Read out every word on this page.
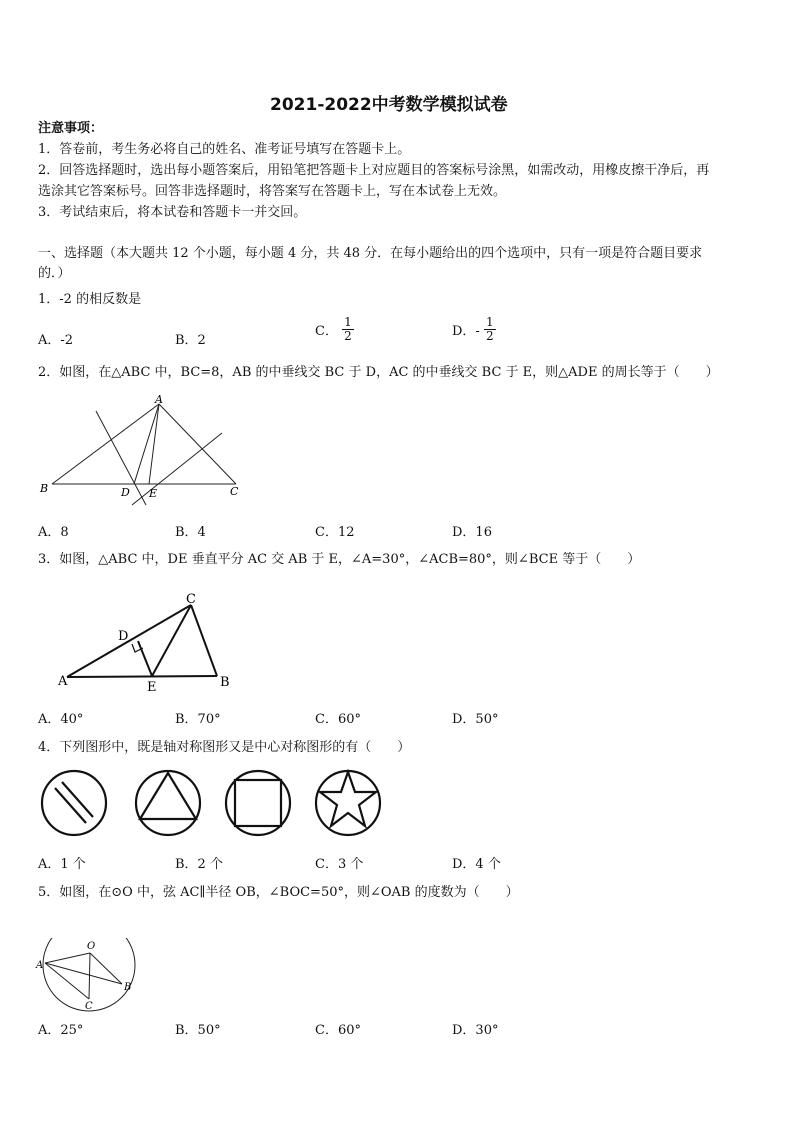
2021-2022中考数学模拟试卷
注意事项：
1．答卷前，考生务必将自己的姓名、准考证号填写在答题卡上。
2．回答选择题时，选出每小题答案后，用铅笔把答题卡上对应题目的答案标号涂黑，如需改动，用橡皮擦干净后，再
选涂其它答案标号。回答非选择题时，将答案写在答题卡上，写在本试卷上无效。
3．考试结束后，将本试卷和答题卡一并交回。
一、选择题（本大题共 12 个小题，每小题 4 分，共 48 分．在每小题给出的四个选项中，只有一项是符合题目要求
的．）
1．-2 的相反数是
A．-2	B．2
C． $\frac{1}{2}$	D．- $\frac{1}{2}$
2．如图，在△ABC 中，BC=8，AB 的中垂线交 BC 于 D，AC 的中垂线交 BC 于 E，则△ADE 的周长等于（　　）
A
B	C
D E
A．8	B．4	C．12	D．16
3．如图，△ABC 中，DE 垂直平分 AC 交 AB 于 E，∠A=30°，∠ACB=80°，则∠BCE 等于（　　）
A	B
C
D
E
A．40°	B．70°	C．60°	D．50°
4．下列图形中，既是轴对称图形又是中心对称图形的有（　　）
A．1 个	B．2 个	C．3 个	D．4 个
5．如图，在⊙O 中，弦 AC∥半径 OB，∠BOC=50°，则∠OAB 的度数为（　　）
O
A
B
C
A．25°	B．50°	C．60°	D．30°
